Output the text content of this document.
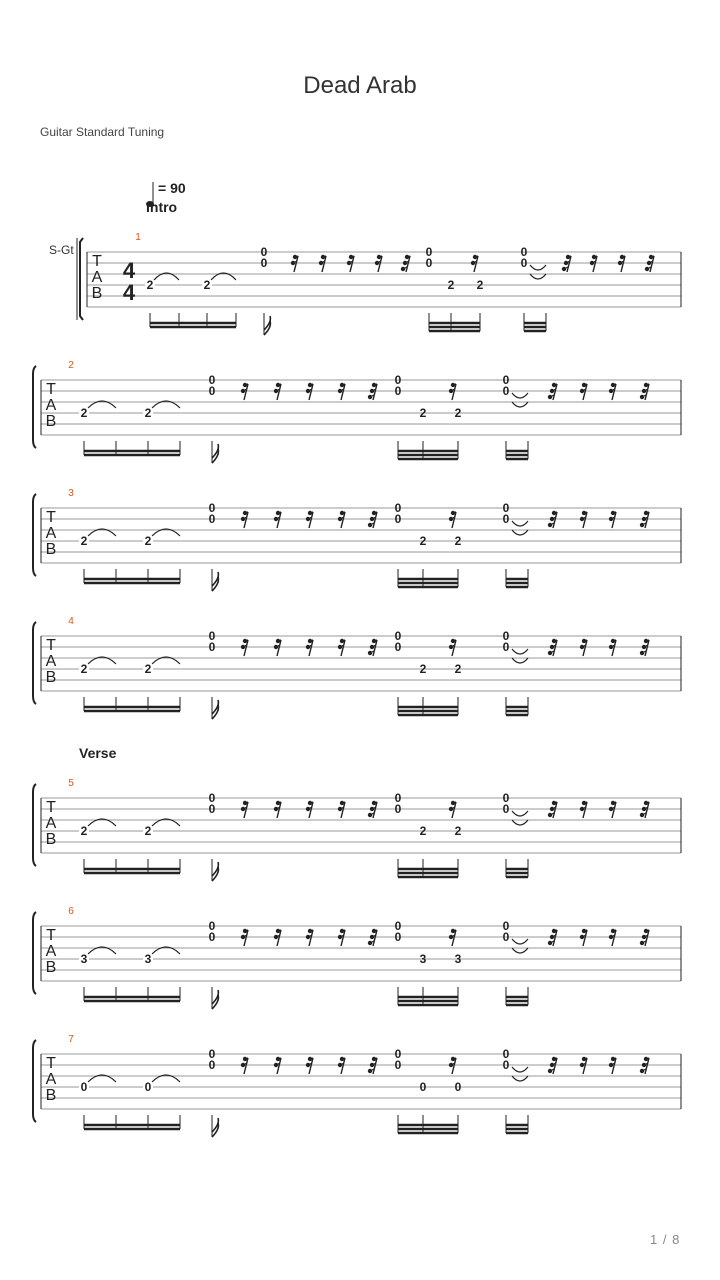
Dead Arab
Guitar Standard Tuning
= 90
Intro
S-Gt
Verse
1
T
A
B
4
4 2	2
0
0
0
0
2 2
0
0
2
T
A
B 2	2
0
0
0
0
2 2
0
0
3
T
A
B 2	2
0
0
0
0
2 2
0
0
4
T
A
B 2	2
0
0
0
0
2 2
0
0
5
T
A
B 2	2
0
0
0
0
2 2
0
0
6
T
A
B 3	3
0
0
0
0
3 3
0
0
7
T
A
B 0	0
0
0
0
0
0 0
0
0
1 / 8
